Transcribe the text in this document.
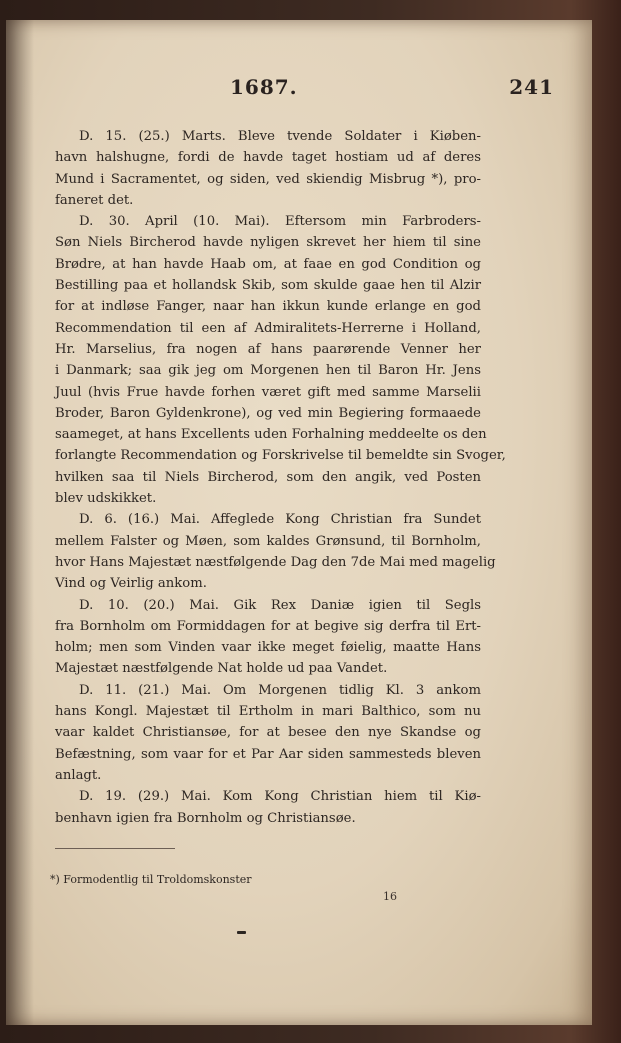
1687.	241
D. 15. (25.) Marts. Bleve tvende Soldater i Kiøben-
havn halshugne, fordi de havde taget hostiam ud af deres
Mund i Sacramentet, og siden, ved skiendig Misbrug *), pro-
faneret det.
D. 30. April (10. Mai). Eftersom min Farbroders-
Søn Niels Bircherod havde nyligen skrevet her hiem til sine
Brødre, at han havde Haab om, at faae en god Condition og
Bestilling paa et hollandsk Skib, som skulde gaae hen til Alzir
for at indløse Fanger, naar han ikkun kunde erlange en god
Recommendation til een af Admiralitets-Herrerne i Holland,
Hr. Marselius, fra nogen af hans paarørende Venner her
i Danmark; saa gik jeg om Morgenen hen til Baron Hr. Jens
Juul (hvis Frue havde forhen været gift med samme Marselii
Broder, Baron Gyldenkrone), og ved min Begiering formaaede
saameget, at hans Excellents uden Forhalning meddeelte os den
forlangte Recommendation og Forskrivelse til bemeldte sin Svoger,
hvilken saa til Niels Bircherod, som den angik, ved Posten
blev udskikket.
D. 6. (16.) Mai. Affeglede Kong Christian fra Sundet
mellem Falster og Møen, som kaldes Grønsund, til Bornholm,
hvor Hans Majestæt næstfølgende Dag den 7de Mai med magelig
Vind og Veirlig ankom.
D. 10. (20.) Mai. Gik Rex Daniæ igien til Segls
fra Bornholm om Formiddagen for at begive sig derfra til Ert-
holm; men som Vinden vaar ikke meget føielig, maatte Hans
Majestæt næstfølgende Nat holde ud paa Vandet.
D. 11. (21.) Mai. Om Morgenen tidlig Kl. 3 ankom
hans Kongl. Majestæt til Ertholm in mari Balthico, som nu
vaar kaldet Christiansøe, for at besee den nye Skandse og
Befæstning, som vaar for et Par Aar siden sammesteds bleven
anlagt.
D. 19. (29.) Mai. Kom Kong Christian hiem til Kiø-
benhavn igien fra Bornholm og Christiansøe.
*) Formodentlig til Troldomskonster
16
